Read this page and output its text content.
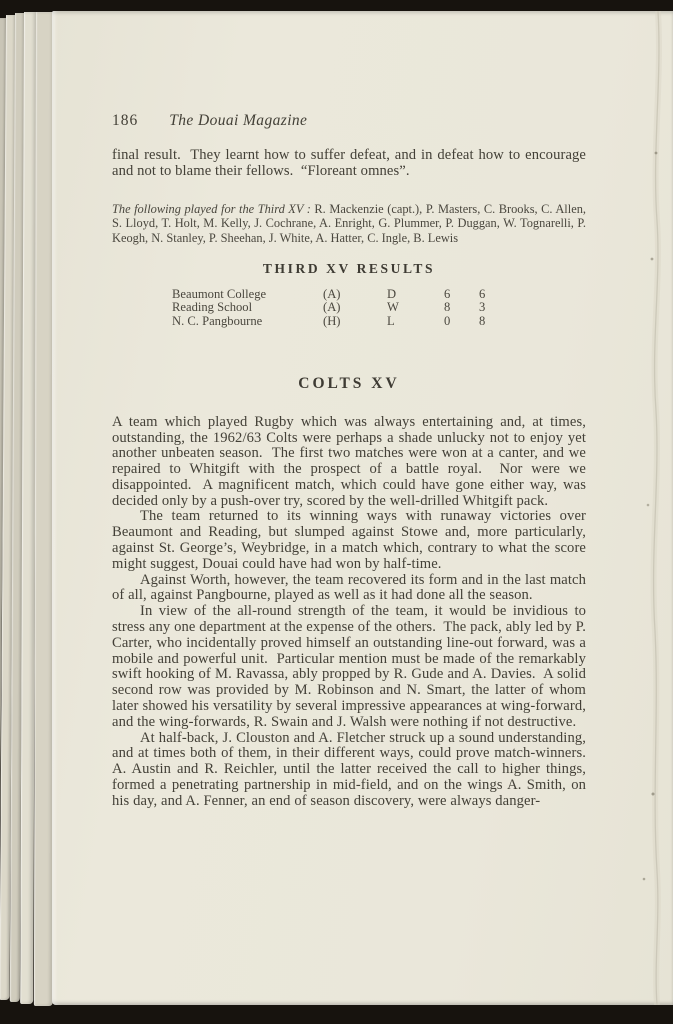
186 The Douai Magazine

final result.  They learnt how to suffer defeat, and in defeat how to encourage and not to blame their fellows.  “Floreant omnes”.

The following played for the Third XV : R. Mackenzie (capt.), P. Masters, C. Brooks, C. Allen, S. Lloyd, T. Holt, M. Kelly, J. Cochrane, A. Enright, G. Plummer, P. Duggan, W. Tognarelli, P. Keogh, N. Stanley, P. Sheehan, J. White, A. Hatter, C. Ingle, B. Lewis

THIRD XV RESULTS
Beaumont College	(A)	D	6	6
Reading School	(A)	W	8	3
N. C. Pangbourne	(H)	L	0	8
COLTS XV

A team which played Rugby which was always entertaining and, at times, outstanding, the 1962/63 Colts were perhaps a shade unlucky not to enjoy yet another unbeaten season.  The first two matches were won at a canter, and we repaired to Whitgift with the prospect of a battle royal.  Nor were we disappointed.  A magnificent match, which could have gone either way, was decided only by a push-over try, scored by the well-drilled Whitgift pack.

The team returned to its winning ways with runaway victories over Beaumont and Reading, but slumped against Stowe and, more particularly, against St. George’s, Weybridge, in a match which, contrary to what the score might suggest, Douai could have had won by half-time.

Against Worth, however, the team recovered its form and in the last match of all, against Pangbourne, played as well as it had done all the season.

In view of the all-round strength of the team, it would be invidious to stress any one department at the expense of the others.  The pack, ably led by P. Carter, who incidentally proved himself an outstanding line-out forward, was a mobile and powerful unit.  Particular mention must be made of the remarkably swift hooking of M. Ravassa, ably propped by R. Gude and A. Davies.  A solid second row was provided by M. Robinson and N. Smart, the latter of whom later showed his versatility by several impressive appearances at wing-forward, and the wing-forwards, R. Swain and J. Walsh were nothing if not destructive.

At half-back, J. Clouston and A. Fletcher struck up a sound understanding, and at times both of them, in their different ways, could prove match-winners.  A. Austin and R. Reichler, until the latter received the call to higher things, formed a penetrating partnership in mid-field, and on the wings A. Smith, on his day, and A. Fenner, an end of season discovery, were always danger-
